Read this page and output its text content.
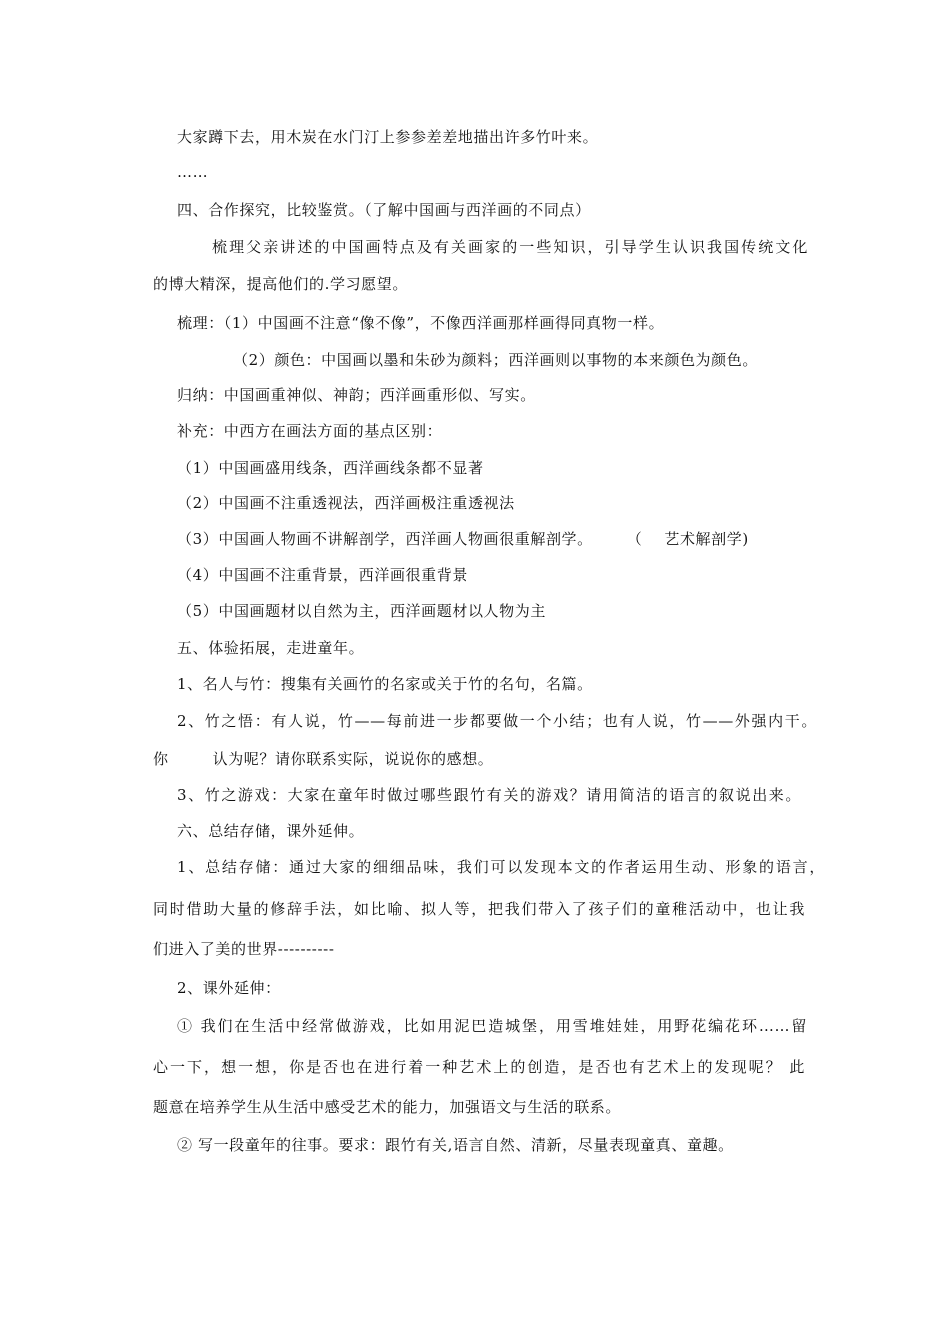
大家蹲下去，用木炭在水门汀上参参差差地描出许多竹叶来。
……
四、合作探究，比较鉴赏。（了解中国画与西洋画的不同点）
梳理父亲讲述的中国画特点及有关画家的一些知识，引导学生认识我国传统文化
的博大精深，提高他们的.学习愿望。
梳理：（1）中国画不注意“像不像”，不像西洋画那样画得同真物一样。
（2）颜色：中国画以墨和朱砂为颜料；西洋画则以事物的本来颜色为颜色。
归纳：中国画重神似、神韵；西洋画重形似、写实。
补充：中西方在画法方面的基点区别：
（1）中国画盛用线条，西洋画线条都不显著
（2）中国画不注重透视法，西洋画极注重透视法
（3）中国画人物画不讲解剖学，西洋画人物画很重解剖学。 （ 艺术解剖学)
（4）中国画不注重背景，西洋画很重背景
（5）中国画题材以自然为主，西洋画题材以人物为主
五、体验拓展，走进童年。
1、名人与竹：搜集有关画竹的名家或关于竹的名句，名篇。
2、竹之悟：有人说，竹——每前进一步都要做一个小结；也有人说，竹——外强内干。
你	认为呢？请你联系实际，说说你的感想。
3、竹之游戏：大家在童年时做过哪些跟竹有关的游戏？请用简洁的语言的叙说出来。
六、总结存储，课外延伸。
1、总结存储：通过大家的细细品味，我们可以发现本文的作者运用生动、形象的语言，
同时借助大量的修辞手法，如比喻、拟人等，把我们带入了孩子们的童稚活动中，也让我
们进入了美的世界----------
2、课外延伸：
① 我们在生活中经常做游戏，比如用泥巴造城堡，用雪堆娃娃，用野花编花环……留
心一下，想一想，你是否也在进行着一种艺术上的创造，是否也有艺术上的发现呢？ 此
题意在培养学生从生活中感受艺术的能力，加强语文与生活的联系。
② 写一段童年的往事。要求：跟竹有关,语言自然、清新，尽量表现童真、童趣。
